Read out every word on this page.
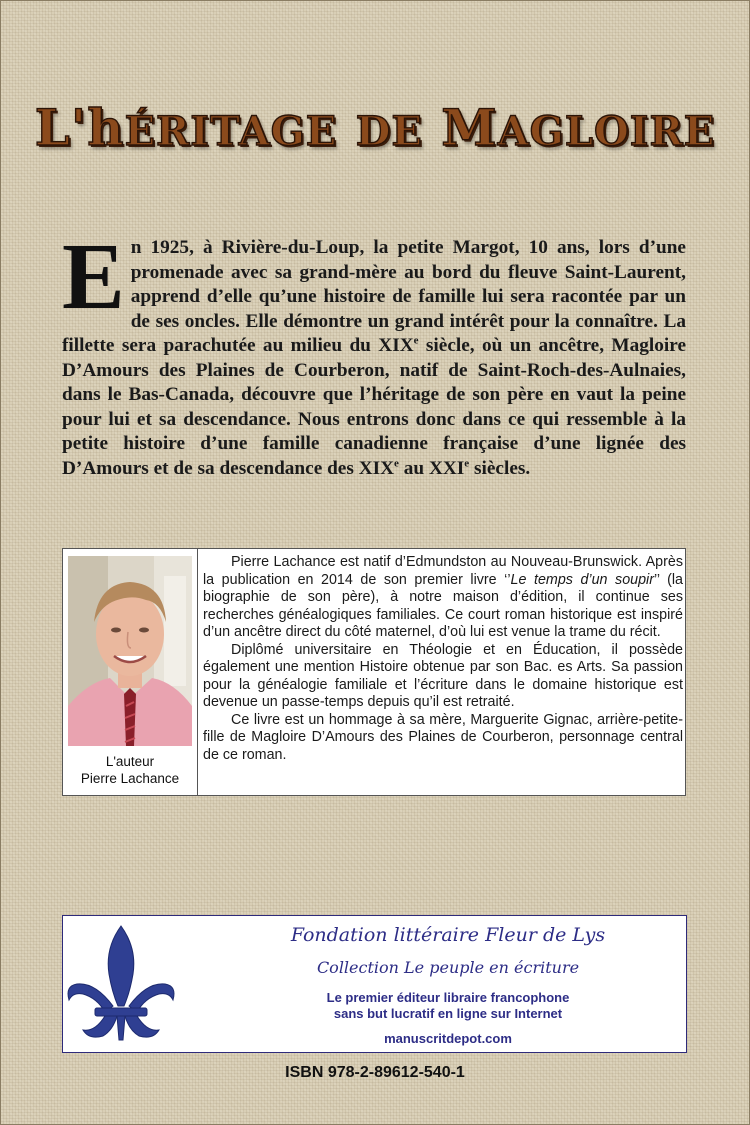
L'hÉRITAGE DE MAGLOIRE
En 1925, à Rivière-du-Loup, la petite Margot, 10 ans, lors d’une promenade avec sa grand-mère au bord du fleuve Saint-Laurent, apprend d’elle qu’une histoire de famille lui sera racontée par un de ses oncles. Elle démontre un grand intérêt pour la connaître. La fillette sera parachutée au milieu du XIXe siècle, où un ancêtre, Magloire D’Amours des Plaines de Courberon, natif de Saint-Roch-des-Aulnaies, dans le Bas-Canada, découvre que l’héritage de son père en vaut la peine pour lui et sa descendance. Nous entrons donc dans ce qui ressemble à la petite histoire d’une famille canadienne française d’une lignée des D’Amours et de sa descendance des XIXe au XXIe siècles.
L'auteur
Pierre Lachance

Pierre Lachance est natif d’Edmundston au Nouveau-Brunswick. Après la publication en 2014 de son premier livre ‘’Le temps d’un soupir’’ (la biographie de son père), à notre maison d’édition, il continue ses recherches généalogiques familiales. Ce court roman historique est inspiré d’un ancêtre direct du côté maternel, d’où lui est venue la trame du récit.

Diplômé universitaire en Théologie et en Éducation, il possède également une mention Histoire obtenue par son Bac. es Arts. Sa passion pour la généalogie familiale et l’écriture dans le domaine historique est devenue un passe-temps depuis qu’il est retraité.

Ce livre est un hommage à sa mère, Marguerite Gignac, arrière-petite-fille de Magloire D’Amours des Plaines de Courberon, personnage central de ce roman.

Fondation littéraire Fleur de Lys
Collection Le peuple en écriture
Le premier éditeur libraire francophone
sans but lucratif en ligne sur Internet
manuscritdepot.com
ISBN 978-2-89612-540-1
